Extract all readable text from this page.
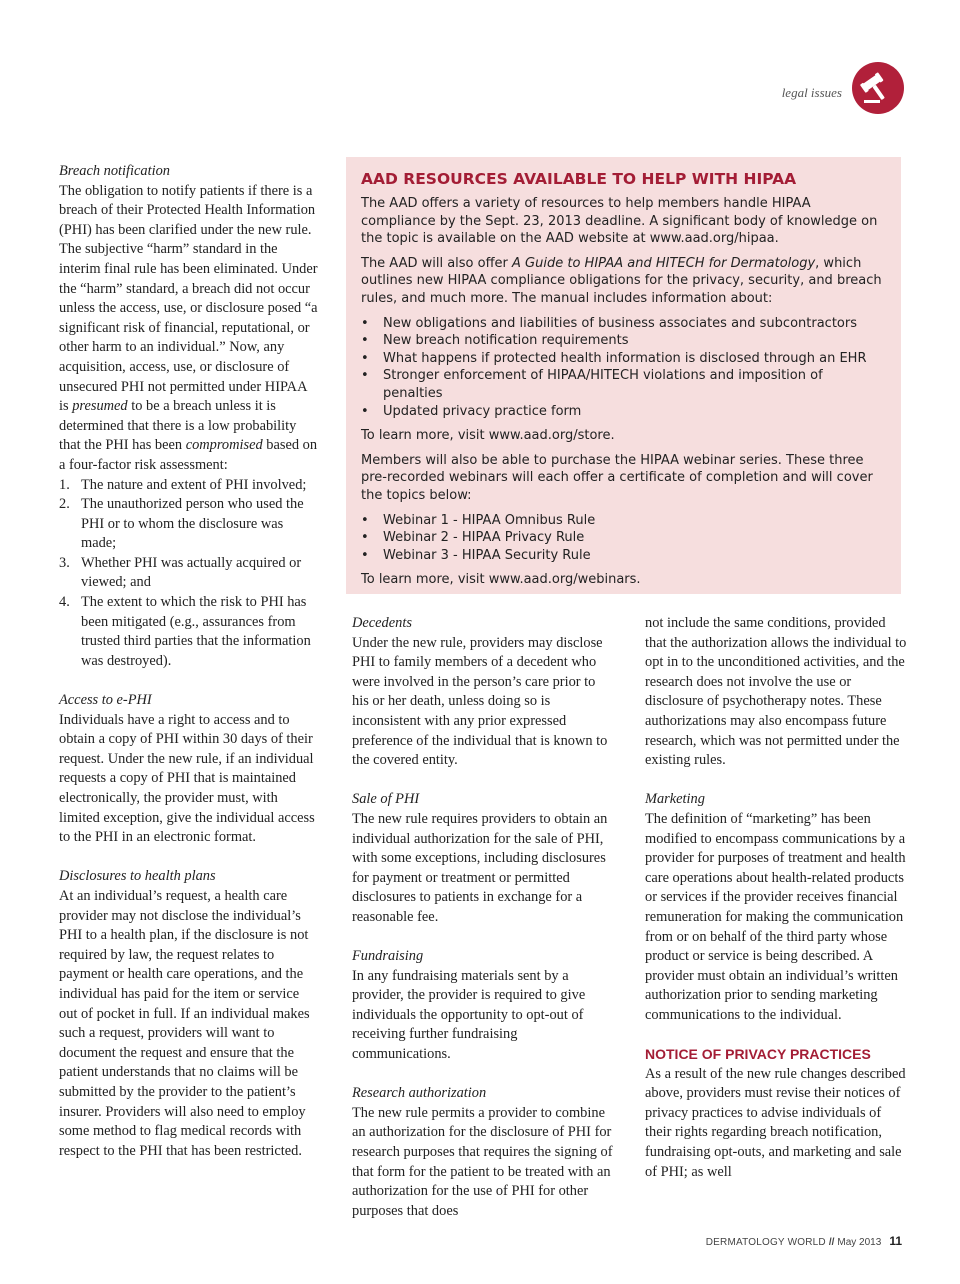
legal issues
Breach notification
The obligation to notify patients if there is a breach of their Protected Health Information (PHI) has been clarified under the new rule. The subjective “harm” standard in the interim final rule has been eliminated. Under the “harm” standard, a breach did not occur unless the access, use, or disclosure posed “a significant risk of financial, reputational, or other harm to an individual.” Now, any acquisition, access, use, or disclosure of unsecured PHI not permitted under HIPAA is presumed to be a breach unless it is determined that there is a low probability that the PHI has been compromised based on a four-factor risk assessment:
1. The nature and extent of PHI involved;
2. The unauthorized person who used the PHI or to whom the disclosure was made;
3. Whether PHI was actually acquired or viewed; and
4. The extent to which the risk to PHI has been mitigated (e.g., assurances from trusted third parties that the information was destroyed).
Access to e-PHI
Individuals have a right to access and to obtain a copy of PHI within 30 days of their request. Under the new rule, if an individual requests a copy of PHI that is maintained electronically, the provider must, with limited exception, give the individual access to the PHI in an electronic format.
Disclosures to health plans
At an individual’s request, a health care provider may not disclose the individual’s PHI to a health plan, if the disclosure is not required by law, the request relates to payment or health care operations, and the individual has paid for the item or service out of pocket in full. If an individual makes such a request, providers will want to document the request and ensure that the patient understands that no claims will be submitted by the provider to the patient’s insurer. Providers will also need to employ some method to flag medical records with respect to the PHI that has been restricted.
AAD RESOURCES AVAILABLE TO HELP WITH HIPAA

The AAD offers a variety of resources to help members handle HIPAA compliance by the Sept. 23, 2013 deadline. A significant body of knowledge on the topic is available on the AAD website at www.aad.org/hipaa.

The AAD will also offer A Guide to HIPAA and HITECH for Dermatology, which outlines new HIPAA compliance obligations for the privacy, security, and breach rules, and much more. The manual includes information about:

•	New obligations and liabilities of business associates and subcontractors
•	New breach notification requirements
•	What happens if protected health information is disclosed through an EHR
•	Stronger enforcement of HIPAA/HITECH violations and imposition of penalties
•	Updated privacy practice form

To learn more, visit www.aad.org/store.

Members will also be able to purchase the HIPAA webinar series. These three pre-recorded webinars will each offer a certificate of completion and will cover the topics below:

•	Webinar 1 - HIPAA Omnibus Rule
•	Webinar 2 - HIPAA Privacy Rule
•	Webinar 3 - HIPAA Security Rule

To learn more, visit www.aad.org/webinars.

Decedents
Under the new rule, providers may disclose PHI to family members of a decedent who were involved in the person’s care prior to his or her death, unless doing so is inconsistent with any prior expressed preference of the individual that is known to the covered entity.
Sale of PHI
The new rule requires providers to obtain an individual authorization for the sale of PHI, with some exceptions, including disclosures for payment or treatment or permitted disclosures to patients in exchange for a reasonable fee.
Fundraising
In any fundraising materials sent by a provider, the provider is required to give individuals the opportunity to opt-out of receiving further fundraising communications.
Research authorization
The new rule permits a provider to combine an authorization for the disclosure of PHI for research purposes that requires the signing of that form for the patient to be treated with an authorization for the use of PHI for other purposes that does
not include the same conditions, provided that the authorization allows the individual to opt in to the unconditioned activities, and the research does not involve the use or disclosure of psychotherapy notes. These authorizations may also encompass future research, which was not permitted under the existing rules.
Marketing
The definition of “marketing” has been modified to encompass communications by a provider for purposes of treatment and health care operations about health-related products or services if the provider receives financial remuneration for making the communication from or on behalf of the third party whose product or service is being described. A provider must obtain an individual’s written authorization prior to sending marketing communications to the individual.
NOTICE OF PRIVACY PRACTICES
As a result of the new rule changes described above, providers must revise their notices of privacy practices to advise individuals of their rights regarding breach notification, fundraising opt-outs, and marketing and sale of PHI; as well
DERMATOLOGY WORLD // May 2013 11
